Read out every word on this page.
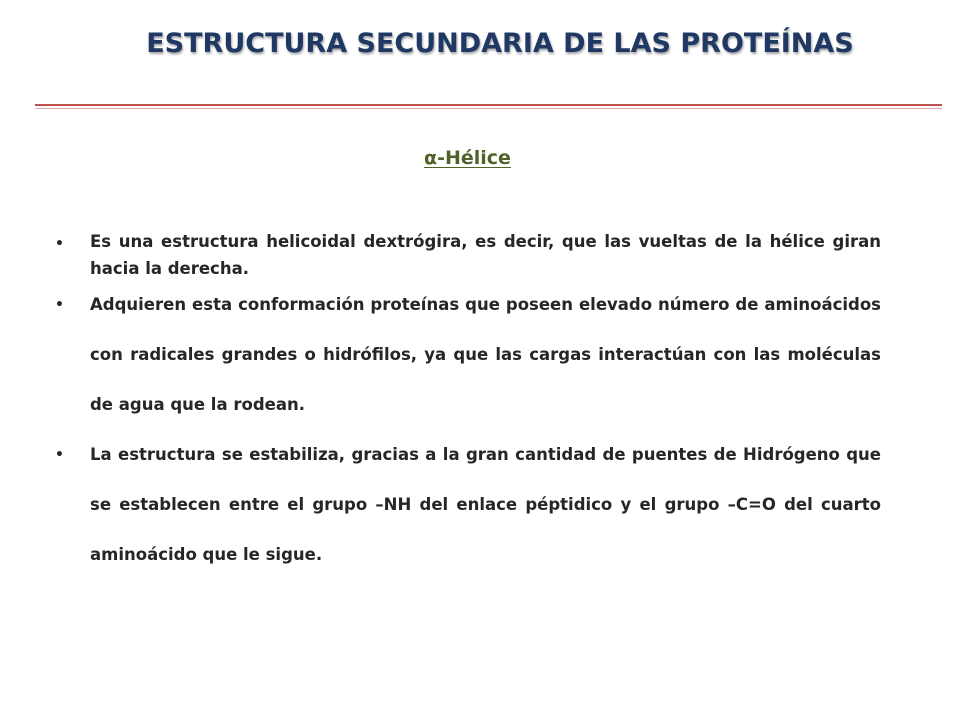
ESTRUCTURA SECUNDARIA DE LAS PROTEÍNAS
α-Hélice
• Es una estructura helicoidal dextrógira, es decir, que las vueltas de la hélice giran hacia la derecha.
• Adquieren esta conformación proteínas que poseen elevado número de aminoácidos con radicales grandes o hidrófilos, ya que las cargas interactúan con las moléculas de agua que la rodean.
• La estructura se estabiliza, gracias a la gran cantidad de puentes de Hidrógeno que se establecen entre el grupo –NH del enlace péptidico y el grupo –C=O del cuarto aminoácido que le sigue.
